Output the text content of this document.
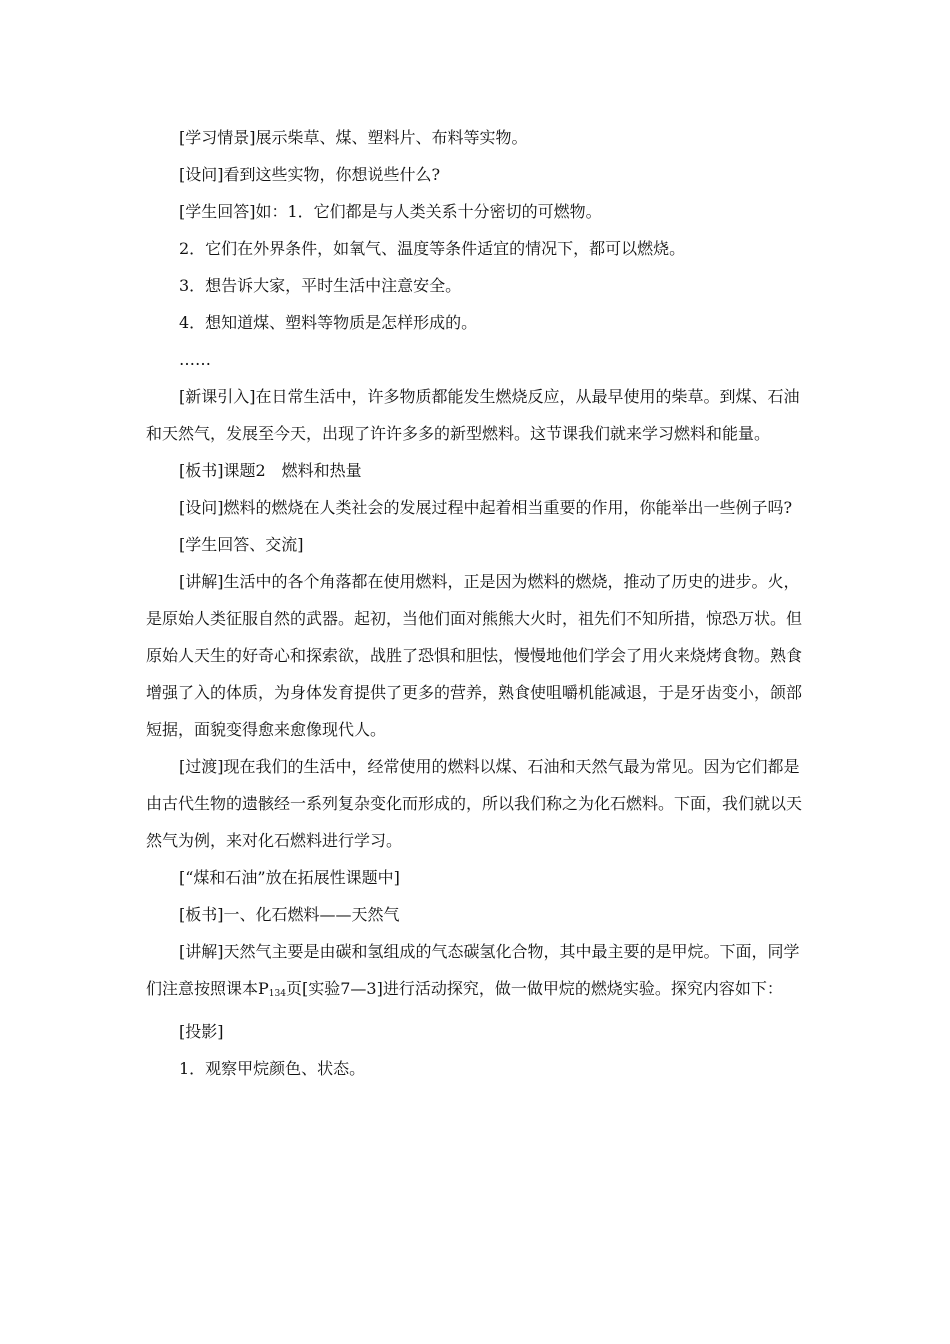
[学习情景]展示柴草、煤、塑料片、布料等实物。

[设问]看到这些实物，你想说些什么?

[学生回答]如：1．它们都是与人类关系十分密切的可燃物。

2．它们在外界条件，如氧气、温度等条件适宜的情况下，都可以燃烧。

3．想告诉大家，平时生活中注意安全。

4．想知道煤、塑料等物质是怎样形成的。

……

[新课引入]在日常生活中，许多物质都能发生燃烧反应，从最早使用的柴草。到煤、石油和天然气，发展至今天，出现了许许多多的新型燃料。这节课我们就来学习燃料和能量。

[板书]课题2　燃料和热量

[设问]燃料的燃烧在人类社会的发展过程中起着相当重要的作用，你能举出一些例子吗?

[学生回答、交流]

[讲解]生活中的各个角落都在使用燃料，正是因为燃料的燃烧，推动了历史的进步。火，是原始人类征服自然的武器。起初，当他们面对熊熊大火时，祖先们不知所措，惊恐万状。但原始人天生的好奇心和探索欲，战胜了恐惧和胆怯，慢慢地他们学会了用火来烧烤食物。熟食增强了入的体质，为身体发育提供了更多的营养，熟食使咀嚼机能减退，于是牙齿变小，颌部短据，面貌变得愈来愈像现代人。

[过渡]现在我们的生活中，经常使用的燃料以煤、石油和天然气最为常见。因为它们都是由古代生物的遗骸经一系列复杂变化而形成的，所以我们称之为化石燃料。下面，我们就以天然气为例，来对化石燃料进行学习。

[“煤和石油”放在拓展性课题中]

[板书]一、化石燃料——天然气

[讲解]天然气主要是由碳和氢组成的气态碳氢化合物，其中最主要的是甲烷。下面，同学们注意按照课本$P_{134}$页[实验7—3]进行活动探究，做一做甲烷的燃烧实验。探究内容如下：

[投影]

1．观察甲烷颜色、状态。
